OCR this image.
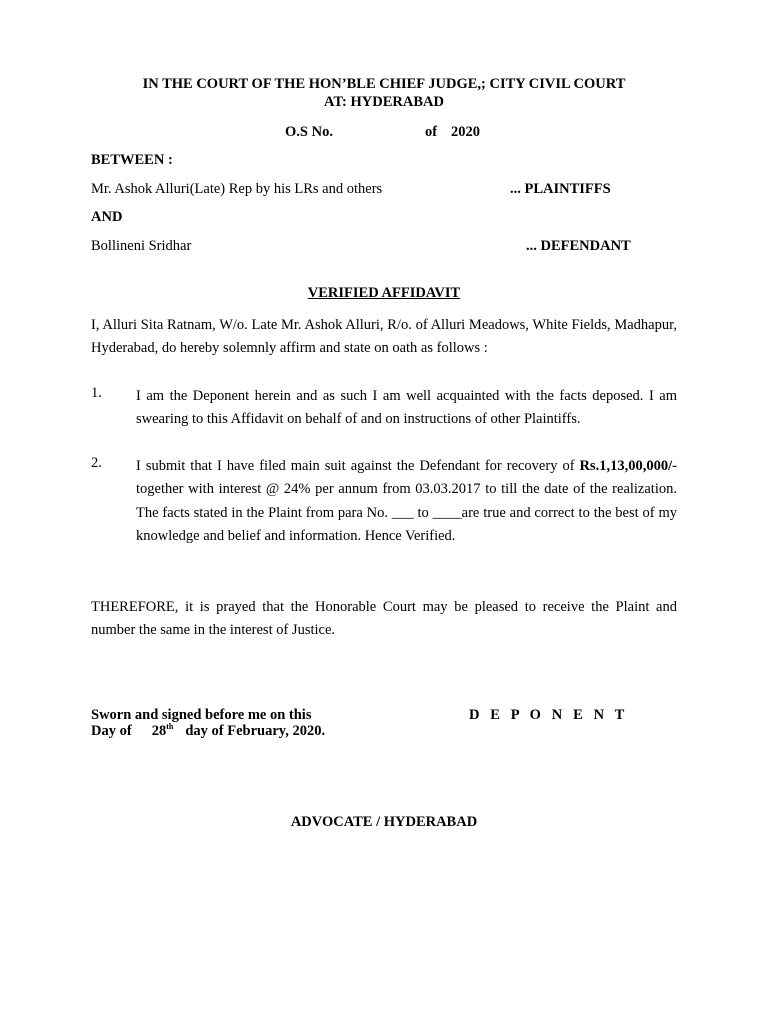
IN THE COURT OF THE HON’BLE CHIEF JUDGE,; CITY CIVIL COURT
AT: HYDERABAD
O.S No.	of 2020
BETWEEN :
Mr. Ashok Alluri(Late) Rep by his LRs and others	... PLAINTIFFS
AND
Bollineni Sridhar	... DEFENDANT
VERIFIED AFFIDAVIT

I, Alluri Sita Ratnam, W/o. Late Mr. Ashok Alluri, R/o. of Alluri Meadows, White Fields, Madhapur, Hyderabad, do hereby solemnly affirm and state on oath as follows :

1.	I am the Deponent herein and as such I am well acquainted with the facts deposed. I am swearing to this Affidavit on behalf of and on instructions of other Plaintiffs.

2.	I submit that I have filed main suit against the Defendant for recovery of Rs.1,13,00,000/- together with interest @ 24% per annum from 03.03.2017 to till the date of the realization. The facts stated in the Plaint from para No. ___ to ____are true and correct to the best of my knowledge and belief and information. Hence Verified.

THEREFORE, it is prayed that the Honorable Court may be pleased to receive the Plaint and number the same in the interest of Justice.

Sworn and signed before me on this
Day of 28th day of February, 2020.
D E P O N E N T
ADVOCATE / HYDERABAD
